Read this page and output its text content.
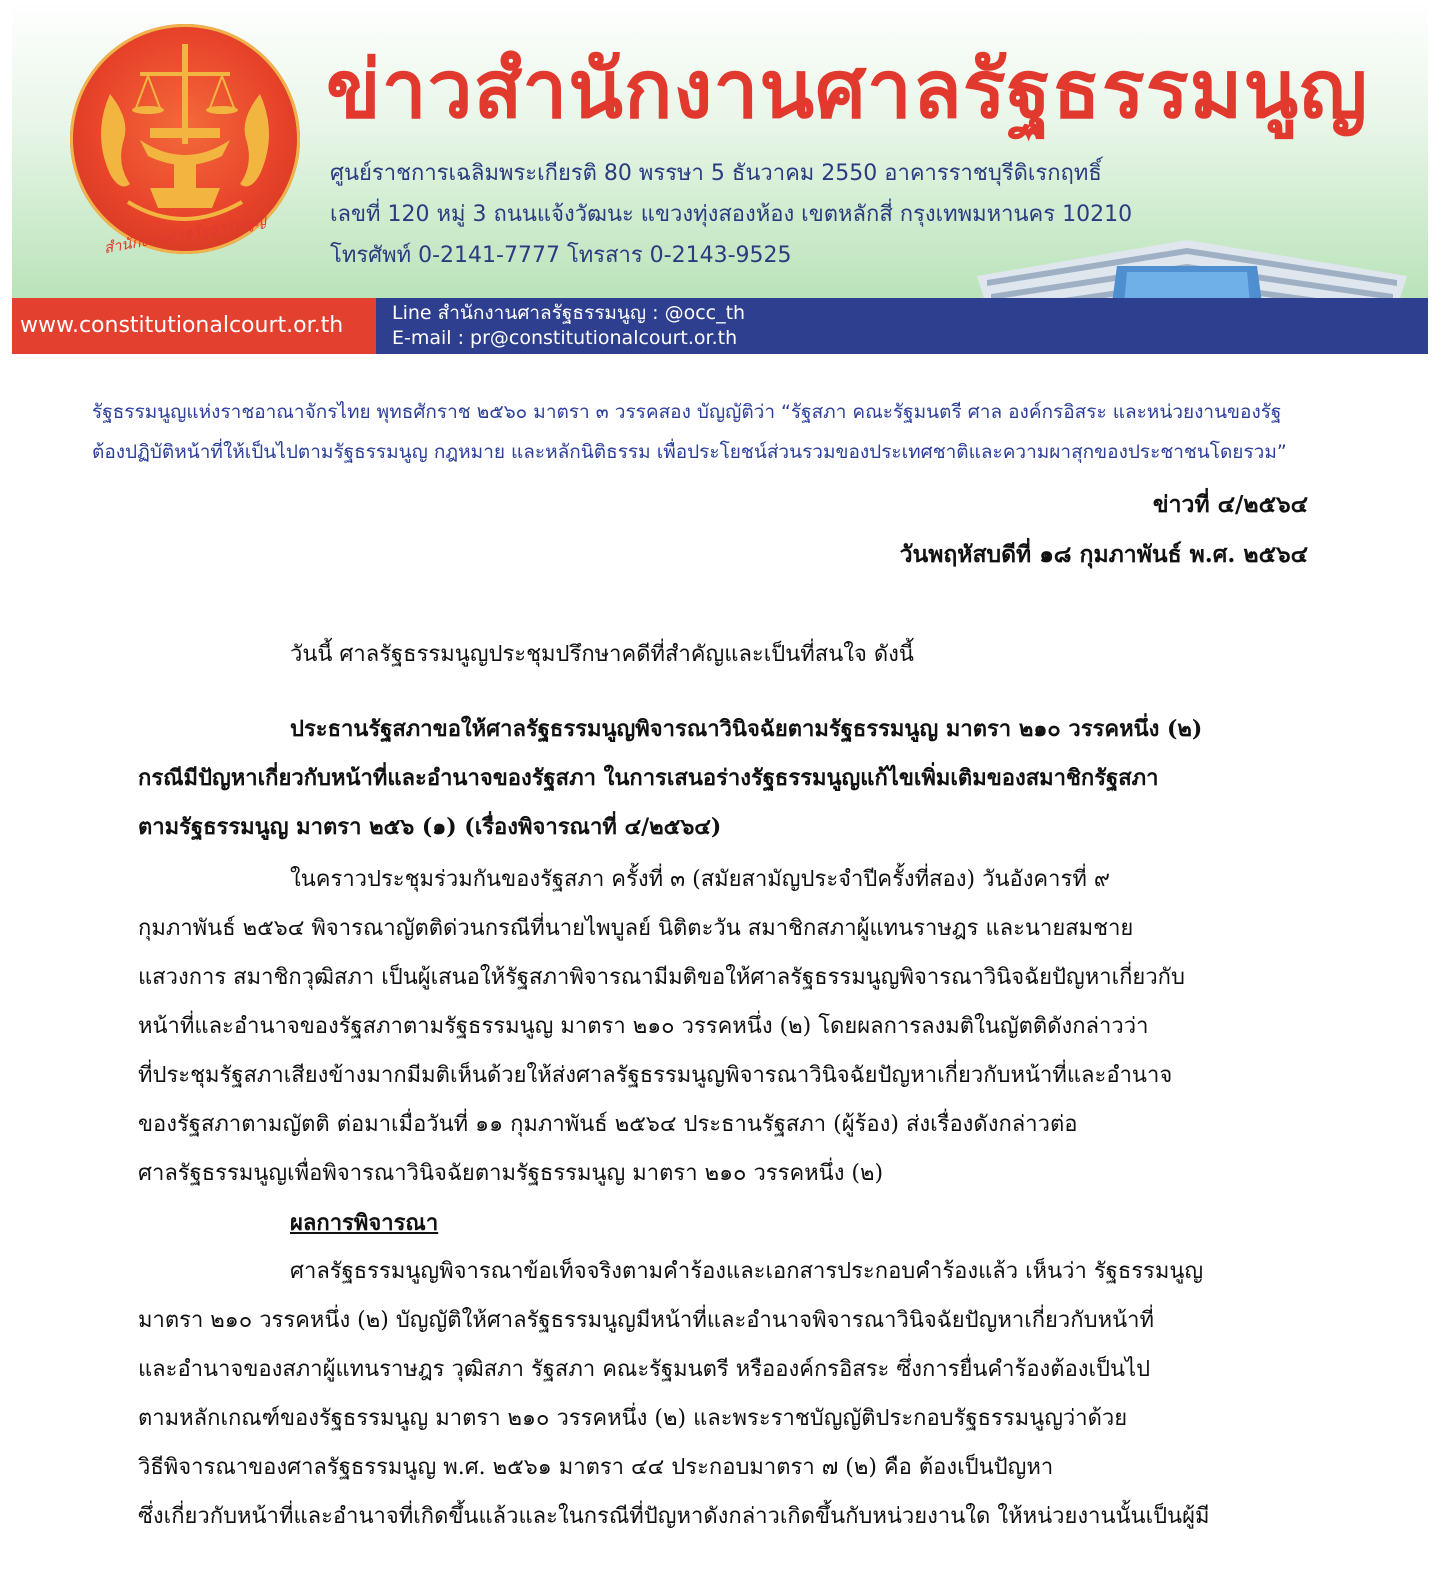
ข่าวสำนักงานศาลรัฐธรรมนูญ
ศูนย์ราชการเฉลิมพระเกียรติ 80 พรรษา 5 ธันวาคม 2550 อาคารราชบุรีดิเรกฤทธิ์
เลขที่ 120 หมู่ 3 ถนนแจ้งวัฒนะ แขวงทุ่งสองห้อง เขตหลักสี่ กรุงเทพมหานคร 10210
โทรศัพท์ 0-2141-7777 โทรสาร 0-2143-9525
สำนักงานศาลรัฐธรรมนูญ
www.constitutionalcourt.or.th	Line สำนักงานศาลรัฐธรรมนูญ : @occ_th
E-mail : pr@constitutionalcourt.or.th
รัฐธรรมนูญแห่งราชอาณาจักรไทย พุทธศักราช ๒๕๖๐ มาตรา ๓ วรรคสอง บัญญัติว่า “รัฐสภา คณะรัฐมนตรี ศาล องค์กรอิสระ และหน่วยงานของรัฐ
ต้องปฏิบัติหน้าที่ให้เป็นไปตามรัฐธรรมนูญ กฎหมาย และหลักนิติธรรม เพื่อประโยชน์ส่วนรวมของประเทศชาติและความผาสุกของประชาชนโดยรวม”
ข่าวที่ ๔/๒๕๖๔
วันพฤหัสบดีที่ ๑๘ กุมภาพันธ์ พ.ศ. ๒๕๖๔
วันนี้ ศาลรัฐธรรมนูญประชุมปรึกษาคดีที่สำคัญและเป็นที่สนใจ ดังนี้
ประธานรัฐสภาขอให้ศาลรัฐธรรมนูญพิจารณาวินิจฉัยตามรัฐธรรมนูญ มาตรา ๒๑๐ วรรคหนึ่ง (๒)
กรณีมีปัญหาเกี่ยวกับหน้าที่และอำนาจของรัฐสภา ในการเสนอร่างรัฐธรรมนูญแก้ไขเพิ่มเติมของสมาชิกรัฐสภา
ตามรัฐธรรมนูญ มาตรา ๒๕๖ (๑) (เรื่องพิจารณาที่ ๔/๒๕๖๔)
ในคราวประชุมร่วมกันของรัฐสภา ครั้งที่ ๓ (สมัยสามัญประจำปีครั้งที่สอง) วันอังคารที่ ๙
กุมภาพันธ์ ๒๕๖๔ พิจารณาญัตติด่วนกรณีที่นายไพบูลย์ นิติตะวัน สมาชิกสภาผู้แทนราษฎร และนายสมชาย
แสวงการ สมาชิกวุฒิสภา เป็นผู้เสนอให้รัฐสภาพิจารณามีมติขอให้ศาลรัฐธรรมนูญพิจารณาวินิจฉัยปัญหาเกี่ยวกับ
หน้าที่และอำนาจของรัฐสภาตามรัฐธรรมนูญ มาตรา ๒๑๐ วรรคหนึ่ง (๒) โดยผลการลงมติในญัตติดังกล่าวว่า
ที่ประชุมรัฐสภาเสียงข้างมากมีมติเห็นด้วยให้ส่งศาลรัฐธรรมนูญพิจารณาวินิจฉัยปัญหาเกี่ยวกับหน้าที่และอำนาจ
ของรัฐสภาตามญัตติ ต่อมาเมื่อวันที่ ๑๑ กุมภาพันธ์ ๒๕๖๔ ประธานรัฐสภา (ผู้ร้อง) ส่งเรื่องดังกล่าวต่อ
ศาลรัฐธรรมนูญเพื่อพิจารณาวินิจฉัยตามรัฐธรรมนูญ มาตรา ๒๑๐ วรรคหนึ่ง (๒)
ผลการพิจารณา
ศาลรัฐธรรมนูญพิจารณาข้อเท็จจริงตามคำร้องและเอกสารประกอบคำร้องแล้ว เห็นว่า รัฐธรรมนูญ
มาตรา ๒๑๐ วรรคหนึ่ง (๒) บัญญัติให้ศาลรัฐธรรมนูญมีหน้าที่และอำนาจพิจารณาวินิจฉัยปัญหาเกี่ยวกับหน้าที่
และอำนาจของสภาผู้แทนราษฎร วุฒิสภา รัฐสภา คณะรัฐมนตรี หรือองค์กรอิสระ ซึ่งการยื่นคำร้องต้องเป็นไป
ตามหลักเกณฑ์ของรัฐธรรมนูญ มาตรา ๒๑๐ วรรคหนึ่ง (๒) และพระราชบัญญัติประกอบรัฐธรรมนูญว่าด้วย
วิธีพิจารณาของศาลรัฐธรรมนูญ พ.ศ. ๒๕๖๑ มาตรา ๔๔ ประกอบมาตรา ๗ (๒) คือ ต้องเป็นปัญหา
ซึ่งเกี่ยวกับหน้าที่และอำนาจที่เกิดขึ้นแล้วและในกรณีที่ปัญหาดังกล่าวเกิดขึ้นกับหน่วยงานใด ให้หน่วยงานนั้นเป็นผู้มี
